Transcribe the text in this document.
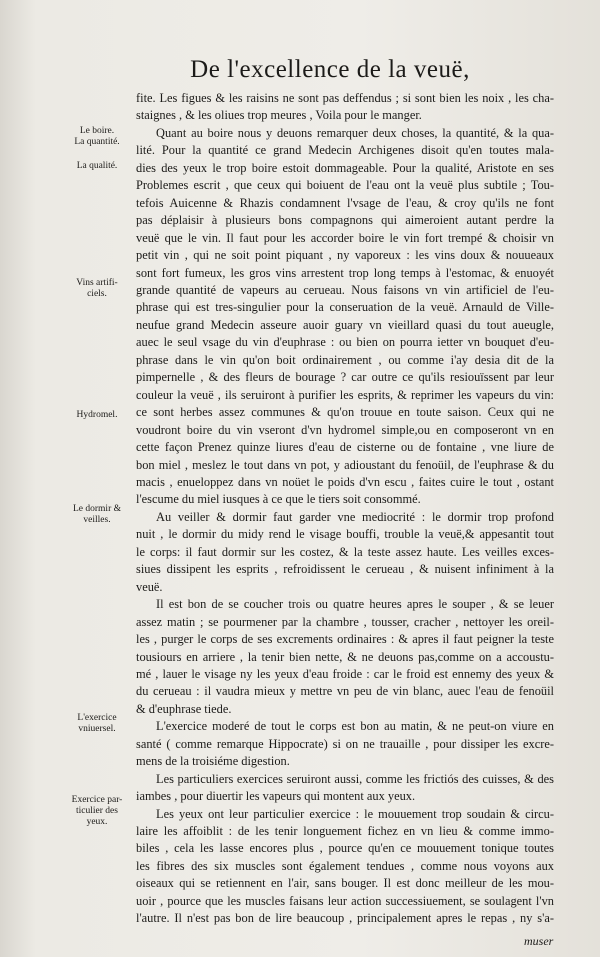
De l'excellence de la veuë,
Le boire.
La quantité.
La qualité.
Vins artifi-
ciels.
Hydromel.
Le dormir &
veilles.
L'exercice
vniuersel.
Exercice par-
ticulier des
yeux.
fite. Les figues & les raisins ne sont pas deffendus ; si sont bien les noix , les cha-
staignes , & les oliues trop meures , Voila pour le manger.
Quant au boire nous y deuons remarquer deux choses, la quantité, & la qua-
lité. Pour la quantité ce grand Medecin Archigenes disoit qu'en toutes mala-
dies des yeux le trop boire estoit dommageable. Pour la qualité, Aristote en ses
Problemes escrit , que ceux qui boiuent de l'eau ont la veuë plus subtile ; Tou-
tefois Auicenne & Rhazis condamnent l'vsage de l'eau, & croy qu'ils ne font
pas déplaisir à plusieurs bons compagnons qui aimeroient autant perdre la
veuë que le vin. Il faut pour les accorder boire le vin fort trempé & choisir vn
petit vin , qui ne soit point piquant , ny vaporeux : les vins doux & nouueaux
sont fort fumeux, les gros vins arrestent trop long temps à l'estomac, & enuoyét
grande quantité de vapeurs au cerueau. Nous faisons vn vin artificiel de l'eu-
phrase qui est tres-singulier pour la conseruation de la veuë. Arnauld de Ville-
neufue grand Medecin asseure auoir guary vn vieillard quasi du tout aueugle,
auec le seul vsage du vin d'euphrase : ou bien on pourra ietter vn bouquet d'eu-
phrase dans le vin qu'on boit ordinairement , ou comme i'ay desia dit de la
pimpernelle , & des fleurs de bourage ? car outre ce qu'ils resiouïssent par leur
couleur la veuë , ils seruiront à purifier les esprits, & reprimer les vapeurs du vin:
ce sont herbes assez communes & qu'on trouue en toute saison. Ceux qui ne
voudront boire du vin vseront d'vn hydromel simple,ou en composeront vn en
cette façon Prenez quinze liures d'eau de cisterne ou de fontaine , vne liure de
bon miel , meslez le tout dans vn pot, y adioustant du fenoüil, de l'euphrase & du
macis , enueloppez dans vn noüet le poids d'vn escu , faites cuire le tout , ostant
l'escume du miel iusques à ce que le tiers soit consommé.
Au veiller & dormir faut garder vne mediocrité : le dormir trop profond
nuit , le dormir du midy rend le visage bouffi, trouble la veuë,& appesantit tout
le corps: il faut dormir sur les costez, & la teste assez haute. Les veilles exces-
siues dissipent les esprits , refroidissent le cerueau , & nuisent infiniment à la
veuë.
Il est bon de se coucher trois ou quatre heures apres le souper , & se leuer
assez matin ; se pourmener par la chambre , tousser, cracher , nettoyer les oreil-
les , purger le corps de ses excrements ordinaires : & apres il faut peigner la teste
tousiours en arriere , la tenir bien nette, & ne deuons pas,comme on a accoustu-
mé , lauer le visage ny les yeux d'eau froide : car le froid est ennemy des yeux &
du cerueau : il vaudra mieux y mettre vn peu de vin blanc, auec l'eau de fenoüil
& d'euphrase tiede.
L'exercice moderé de tout le corps est bon au matin, & ne peut-on viure en
santé ( comme remarque Hippocrate) si on ne trauaille , pour dissiper les excre-
mens de la troisiéme digestion.
Les particuliers exercices seruiront aussi, comme les frictiós des cuisses, & des
iambes , pour diuertir les vapeurs qui montent aux yeux.
Les yeux ont leur particulier exercice : le mouuement trop soudain & circu-
laire les affoiblit : de les tenir longuement fichez en vn lieu & comme immo-
biles , cela les lasse encores plus , pource qu'en ce mouuement tonique toutes
les fibres des six muscles sont également tendues , comme nous voyons aux
oiseaux qui se retiennent en l'air, sans bouger. Il est donc meilleur de les mou-
uoir , pource que les muscles faisans leur action successiuement, se soulagent l'vn
l'autre. Il n'est pas bon de lire beaucoup , principalement apres le repas , ny s'a-
muser
